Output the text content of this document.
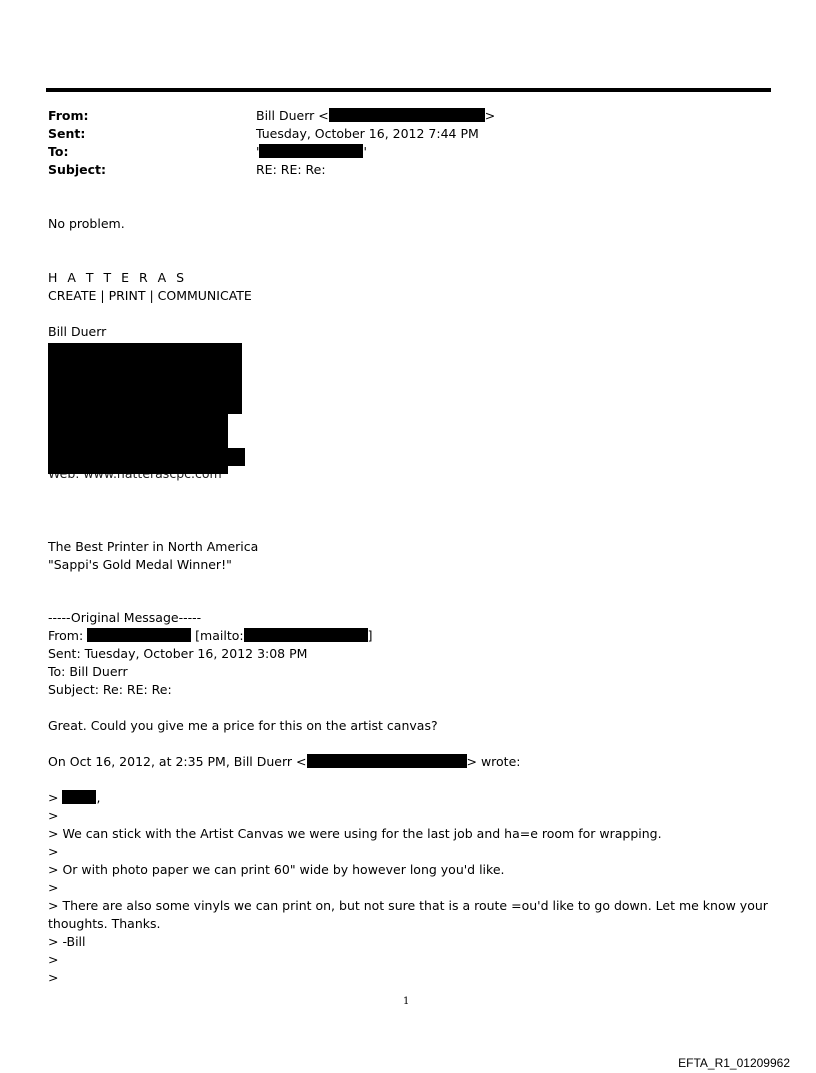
From:	Bill Duerr <	>
Sent:	Tuesday, October 16, 2012 7:44 PM
To:	'	'
Subject:	RE: RE: Re:
No problem.
H A T T E R A S
CREATE | PRINT | COMMUNICATE
Bill Duerr
The Best Printer in North America
"Sappi's Gold Medal Winner!"
-----Original Message-----
From:	[mailto:	]
Sent: Tuesday, October 16, 2012 3:08 PM
To: Bill Duerr
Subject: Re: RE: Re:
Great. Could you give me a price for this on the artist canvas?
On Oct 16, 2012, at 2:35 PM, Bill Duerr <	> wrote:
>	,
>
> We can stick with the Artist Canvas we were using for the last job and ha=e room for wrapping.
>
> Or with photo paper we can print 60" wide by however long you'd like.
>
> There are also some vinyls we can print on, but not sure that is a route =ou'd like to go down. Let me know your
thoughts. Thanks.
> -Bill
>
>
1
EFTA_R1_01209962
